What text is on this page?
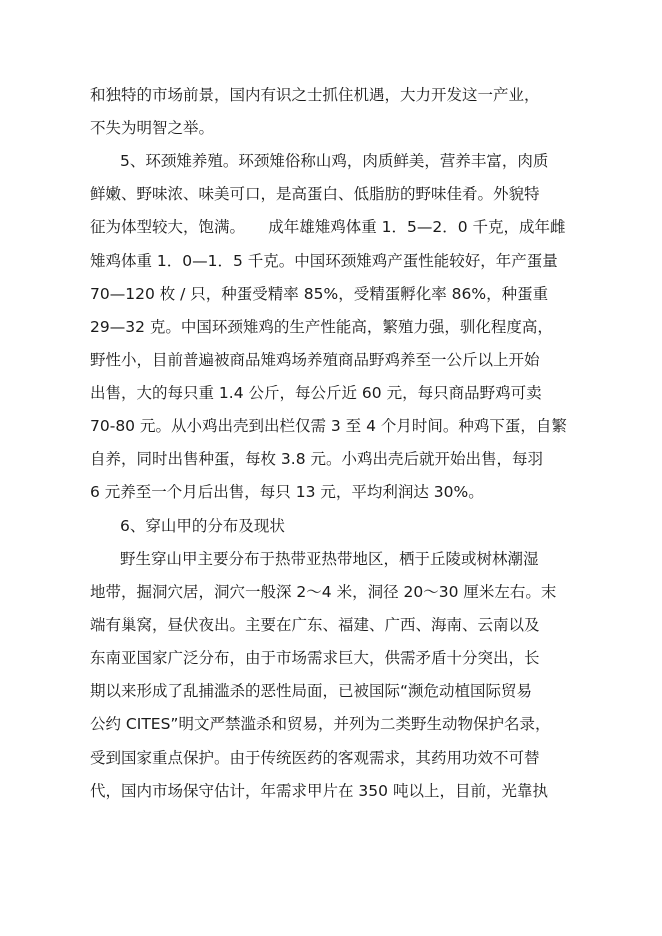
和独特的市场前景，国内有识之士抓住机遇，大力开发这一产业，
不失为明智之举。
5、环颈雉养殖。环颈雉俗称山鸡，肉质鲜美，营养丰富，肉质
鲜嫩、野味浓、味美可口，是高蛋白、低脂肪的野味佳肴。外貌特
征为体型较大，饱满。　　成年雄雉鸡体重 1．5—2．0 千克，成年雌
雉鸡体重 1．0—1．5 千克。中国环颈雉鸡产蛋性能较好，年产蛋量
70—120 枚 / 只，种蛋受精率 85%，受精蛋孵化率 86%，种蛋重
29—32 克。中国环颈雉鸡的生产性能高，繁殖力强，驯化程度高，
野性小，目前普遍被商品雉鸡场养殖商品野鸡养至一公斤以上开始
出售，大的每只重 1.4 公斤，每公斤近 60 元，每只商品野鸡可卖
70-80 元。从小鸡出壳到出栏仅需 3 至 4 个月时间。种鸡下蛋，自繁
自养，同时出售种蛋，每枚 3.8 元。小鸡出壳后就开始出售，每羽
6 元养至一个月后出售，每只 13 元，平均利润达 30%。
6、穿山甲的分布及现状
野生穿山甲主要分布于热带亚热带地区，栖于丘陵或树林潮湿
地带，掘洞穴居，洞穴一般深 2～4 米，洞径 20～30 厘米左右。末
端有巢窝，昼伏夜出。主要在广东、福建、广西、海南、云南以及
东南亚国家广泛分布，由于市场需求巨大，供需矛盾十分突出，长
期以来形成了乱捕滥杀的恶性局面，已被国际“濒危动植国际贸易
公约 CITES”明文严禁滥杀和贸易，并列为二类野生动物保护名录，
受到国家重点保护。由于传统医药的客观需求，其药用功效不可替
代，国内市场保守估计，年需求甲片在 350 吨以上，目前，光靠执
